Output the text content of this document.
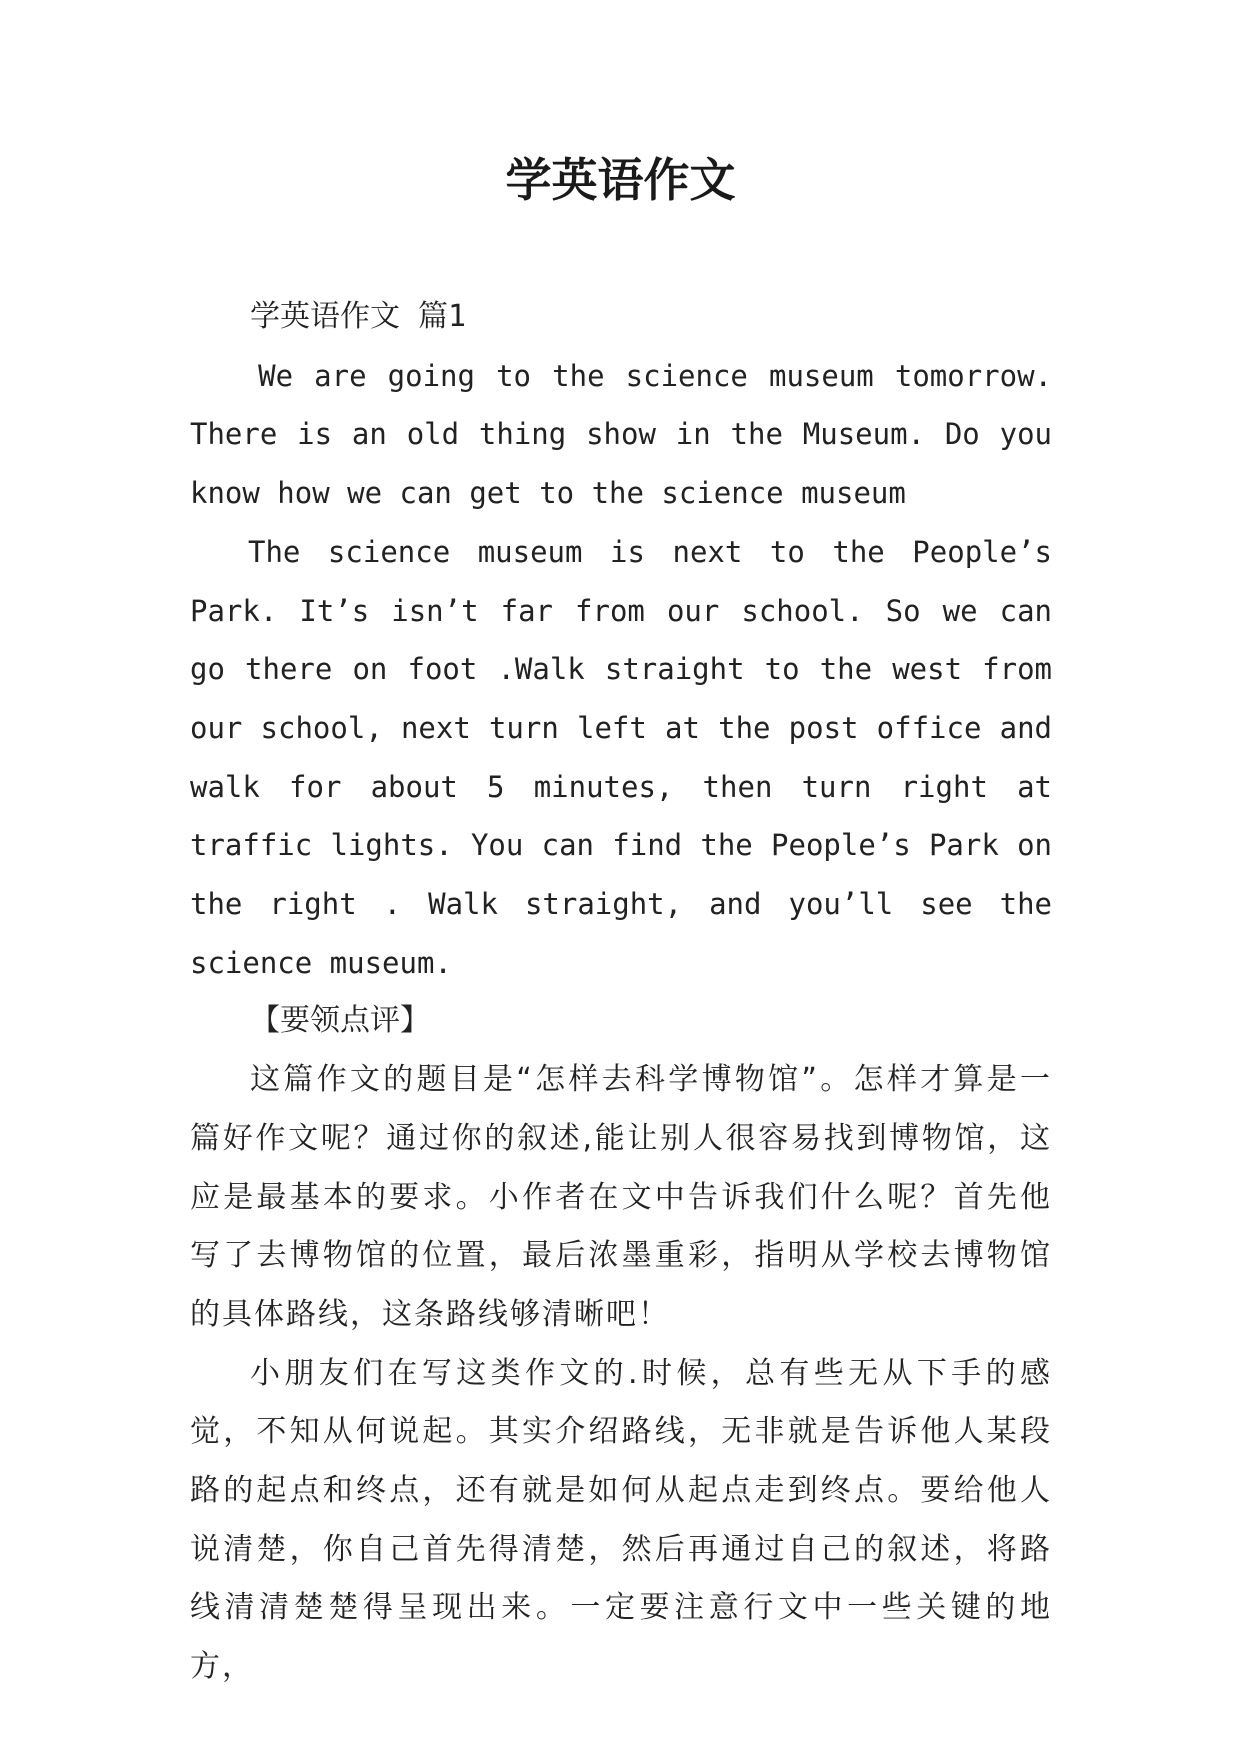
学英语作文

学英语作文 篇1

We are going to the science museum tomorrow. There is an old thing show in the Museum. Do you know how we can get to the science museum

The science museum is next to the People’s Park. It’s isn’t far from our school. So we can go there on foot .Walk straight to the west from our school, next turn left at the post office and walk for about 5 minutes, then turn right at traffic lights. You can find the People’s Park on the right . Walk straight, and you’ll see the science museum.

【要领点评】

这篇作文的题目是“怎样去科学博物馆”。怎样才算是一篇好作文呢？通过你的叙述,能让别人很容易找到博物馆，这应是最基本的要求。小作者在文中告诉我们什么呢？首先他写了去博物馆的位置，最后浓墨重彩，指明从学校去博物馆的具体路线，这条路线够清晰吧！

小朋友们在写这类作文的.时候，总有些无从下手的感觉，不知从何说起。其实介绍路线，无非就是告诉他人某段路的起点和终点，还有就是如何从起点走到终点。要给他人说清楚，你自己首先得清楚，然后再通过自己的叙述，将路线清清楚楚得呈现出来。一定要注意行文中一些关键的地方，
